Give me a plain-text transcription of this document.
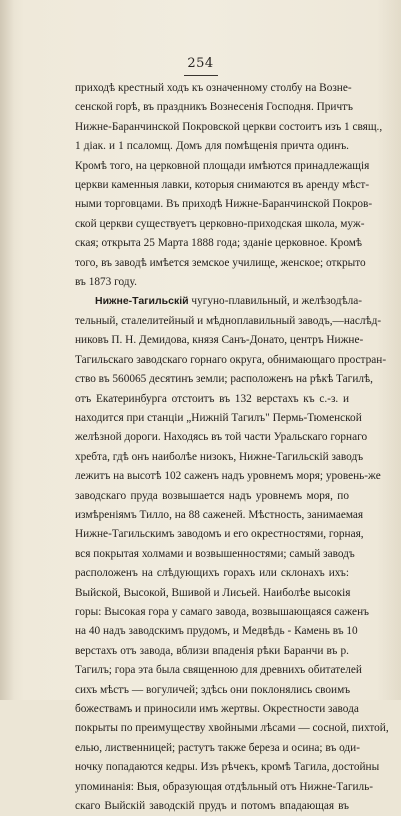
254
приходѣ крестный ходъ къ означенному столбу на Возне-
сенской горѣ, въ праздникъ Вознесенія Господня. Причтъ
Нижне-Баранчинской Покровской церкви состоитъ изъ 1 свящ.,
1 діак. и 1 псаломщ. Домъ для помѣщенія причта одинъ.
Кромѣ того, на церковной площади имѣются принадлежащія
церкви каменныя лавки, которыя снимаются въ аренду мѣст-
ными торговцами. Въ приходѣ Нижне-Баранчинской Покров-
ской церкви существуетъ церковно-приходская школа, муж-
ская; открыта 25 Марта 1888 года; зданіе церковное. Кромѣ
того, въ заводѣ имѣется земское училище, женское; открыто
въ 1873 году.
Нижне-Тагильскій чугуно-плавильный, и желѣзодѣла-
тельный, сталелитейный и мѣдноплавильный заводъ,—наслѣд-
никовъ П. Н. Демидова, князя Санъ-Донато, центръ Нижне-
Тагильскаго заводскаго горнаго округа, обнимающаго простран-
ство въ 560065 десятинъ земли; расположенъ на рѣкѣ Тагилѣ,
отъ Екатеринбурга отстоитъ въ 132 верстахъ къ с.-з. и
находится при станціи „Нижній Тагилъ" Пермь-Тюменской
желѣзной дороги. Находясь въ той части Уральскаго горнаго
хребта, гдѣ онъ наиболѣе низокъ, Нижне-Тагильскій заводъ
лежитъ на высотѣ 102 саженъ надъ уровнемъ моря; уровень-же
заводскаго пруда возвышается надъ уровнемъ моря, по
измѣреніямъ Тилло, на 88 саженей. Мѣстность, занимаемая
Нижне-Тагильскимъ заводомъ и его окрестностями, горная,
вся покрытая холмами и возвышенностями; самый заводъ
расположенъ на слѣдующихъ горахъ или склонахъ ихъ:
Выйской, Высокой, Вшивой и Лисьей. Наиболѣе высокія
горы: Высокая гора у самаго завода, возвышающаяся саженъ
на 40 надъ заводскимъ прудомъ, и Медвѣдь - Камень въ 10
верстахъ отъ завода, вблизи впаденія рѣки Баранчи въ р.
Тагилъ; гора эта была священною для древнихъ обитателей
сихъ мѣстъ — вогуличей; здѣсь они поклонялись своимъ
божествамъ и приносили имъ жертвы. Окрестности завода
покрыты по преимуществу хвойными лѣсами — сосной, пихтой,
елью, лиственницей; растутъ также береза и осина; въ оди-
ночку попадаются кедры. Изъ рѣчекъ, кромѣ Тагила, достойны
упоминанія: Выя, образующая отдѣльный отъ Нижне-Тагиль-
скаго Выйскій заводскій прудъ и потомъ впадающая въ
